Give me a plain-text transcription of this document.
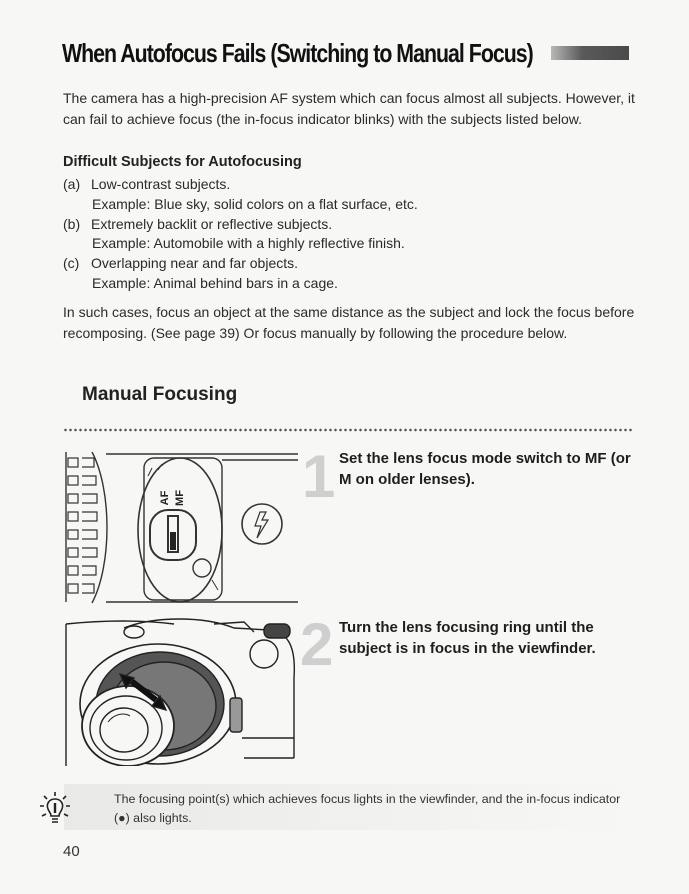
When Autofocus Fails (Switching to Manual Focus)
The camera has a high-precision AF system which can focus almost all subjects. However, it can fail to achieve focus (the in-focus indicator blinks) with the subjects listed below.
Difficult Subjects for Autofocusing
(a) Low-contrast subjects.
Example: Blue sky, solid colors on a flat surface, etc.
(b) Extremely backlit or reflective subjects.
Example: Automobile with a highly reflective finish.
(c) Overlapping near and far objects.
Example: Animal behind bars in a cage.
In such cases, focus an object at the same distance as the subject and lock the focus before recomposing. (See page 39) Or focus manually by following the procedure below.
Manual Focusing
AF MF 1 Set the lens focus mode switch to MF (or M on older lenses).
2 Turn the lens focusing ring until the subject is in focus in the viewfinder.
The focusing point(s) which achieves focus lights in the viewfinder, and the in-focus indicator (●) also lights.
40
